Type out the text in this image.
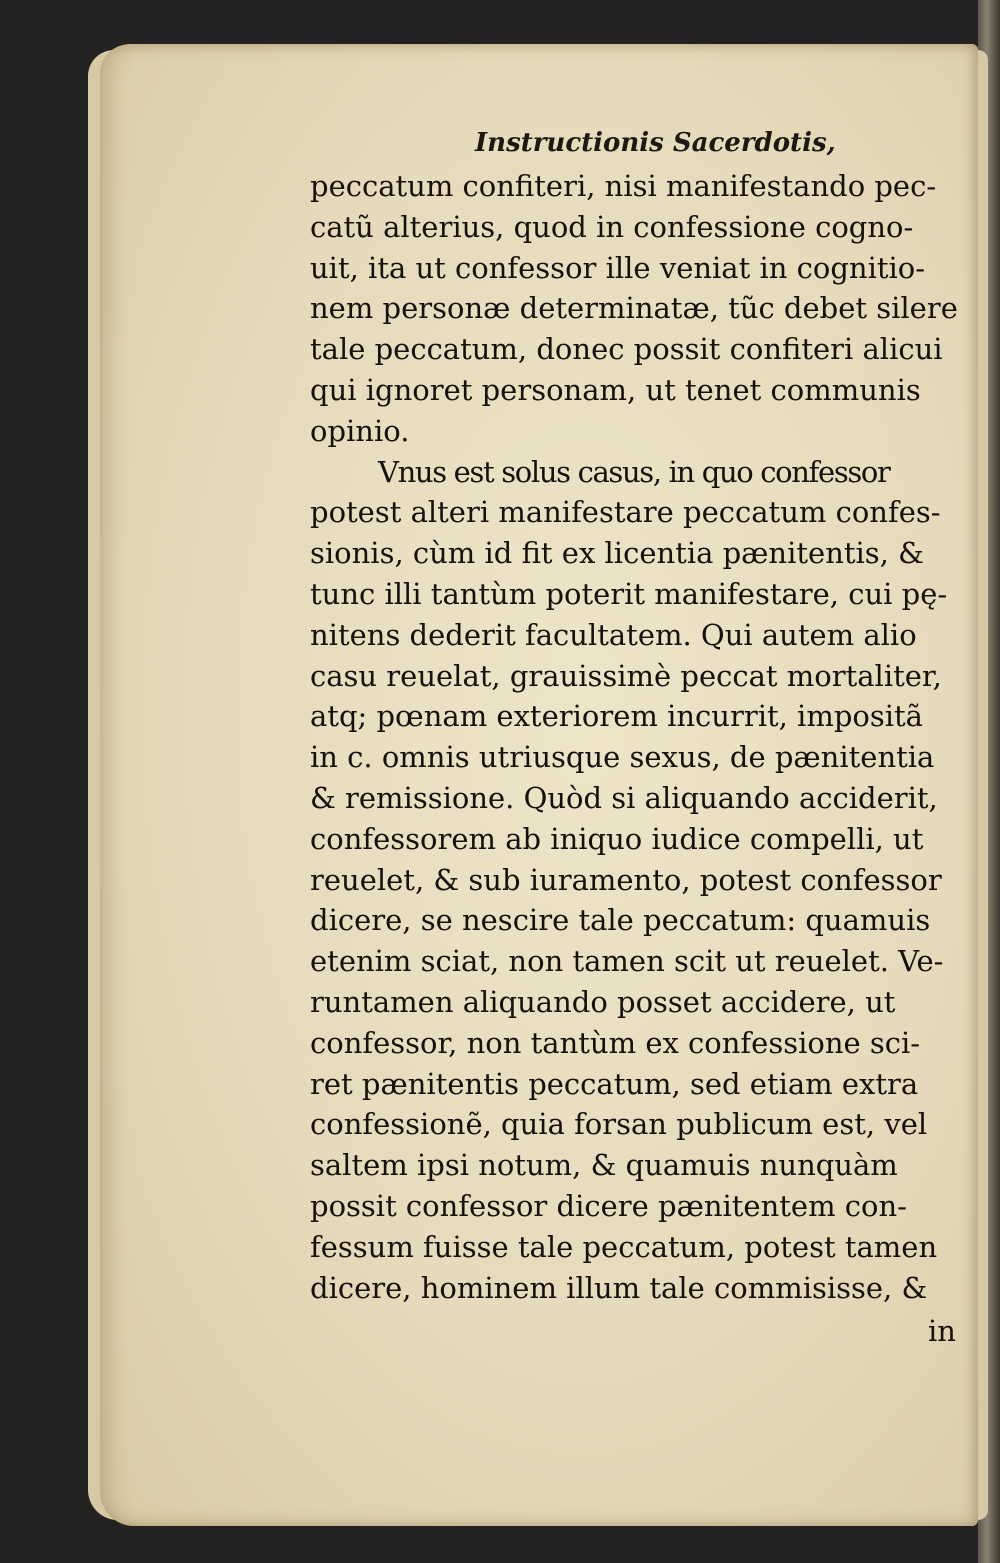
Instructionis Sacerdotis,
peccatum confiteri, nisi manifestando pec-
catũ alterius, quod in confessione cogno-
uit, ita ut confessor ille veniat in cognitio-
nem personæ determinatæ, tũc debet silere
tale peccatum, donec possit confiteri alicui
qui ignoret personam, ut tenet communis
opinio.
Vnus est solus casus, in quo confessor
potest alteri manifestare peccatum confes-
sionis, cùm id fit ex licentia pænitentis, &
tunc illi tantùm poterit manifestare, cui pę-
nitens dederit facultatem. Qui autem alio
casu reuelat, grauissimè peccat mortaliter,
atq; pœnam exteriorem incurrit, impositã
in c. omnis utriusque sexus, de pænitentia
& remissione. Quòd si aliquando acciderit,
confessorem ab iniquo iudice compelli, ut
reuelet, & sub iuramento, potest confessor
dicere, se nescire tale peccatum: quamuis
etenim sciat, non tamen scit ut reuelet. Ve-
runtamen aliquando posset accidere, ut
confessor, non tantùm ex confessione sci-
ret pænitentis peccatum, sed etiam extra
confessionẽ, quia forsan publicum est, vel
saltem ipsi notum, & quamuis nunquàm
possit confessor dicere pænitentem con-
fessum fuisse tale peccatum, potest tamen
dicere, hominem illum tale commisisse, &
in
